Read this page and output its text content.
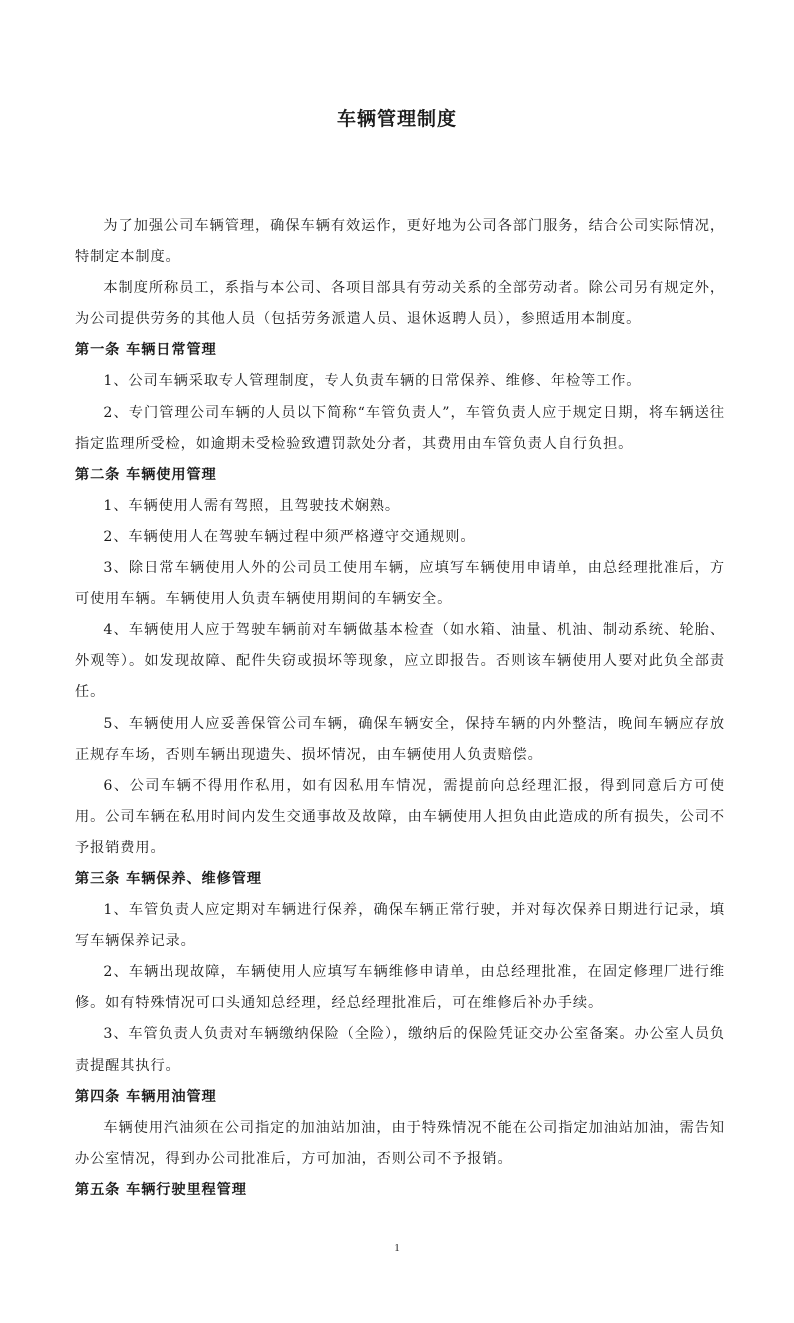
车辆管理制度

为了加强公司车辆管理，确保车辆有效运作，更好地为公司各部门服务，结合公司实际情况，特制定本制度。

本制度所称员工，系指与本公司、各项目部具有劳动关系的全部劳动者。除公司另有规定外，为公司提供劳务的其他人员（包括劳务派遣人员、退休返聘人员），参照适用本制度。

第一条 车辆日常管理

1、公司车辆采取专人管理制度，专人负责车辆的日常保养、维修、年检等工作。

2、专门管理公司车辆的人员以下简称“车管负责人”，车管负责人应于规定日期，将车辆送往指定监理所受检，如逾期未受检验致遭罚款处分者，其费用由车管负责人自行负担。

第二条 车辆使用管理

1、车辆使用人需有驾照，且驾驶技术娴熟。

2、车辆使用人在驾驶车辆过程中须严格遵守交通规则。

3、除日常车辆使用人外的公司员工使用车辆，应填写车辆使用申请单，由总经理批准后，方可使用车辆。车辆使用人负责车辆使用期间的车辆安全。

4、车辆使用人应于驾驶车辆前对车辆做基本检查（如水箱、油量、机油、制动系统、轮胎、外观等）。如发现故障、配件失窃或损坏等现象，应立即报告。否则该车辆使用人要对此负全部责任。

5、车辆使用人应妥善保管公司车辆，确保车辆安全，保持车辆的内外整洁，晚间车辆应存放正规存车场，否则车辆出现遗失、损坏情况，由车辆使用人负责赔偿。

6、公司车辆不得用作私用，如有因私用车情况，需提前向总经理汇报，得到同意后方可使用。公司车辆在私用时间内发生交通事故及故障，由车辆使用人担负由此造成的所有损失，公司不予报销费用。

第三条 车辆保养、维修管理

1、车管负责人应定期对车辆进行保养，确保车辆正常行驶，并对每次保养日期进行记录，填写车辆保养记录。

2、车辆出现故障，车辆使用人应填写车辆维修申请单，由总经理批准，在固定修理厂进行维修。如有特殊情况可口头通知总经理，经总经理批准后，可在维修后补办手续。

3、车管负责人负责对车辆缴纳保险（全险），缴纳后的保险凭证交办公室备案。办公室人员负责提醒其执行。

第四条 车辆用油管理

车辆使用汽油须在公司指定的加油站加油，由于特殊情况不能在公司指定加油站加油，需告知办公室情况，得到办公司批准后，方可加油，否则公司不予报销。

第五条 车辆行驶里程管理

1
